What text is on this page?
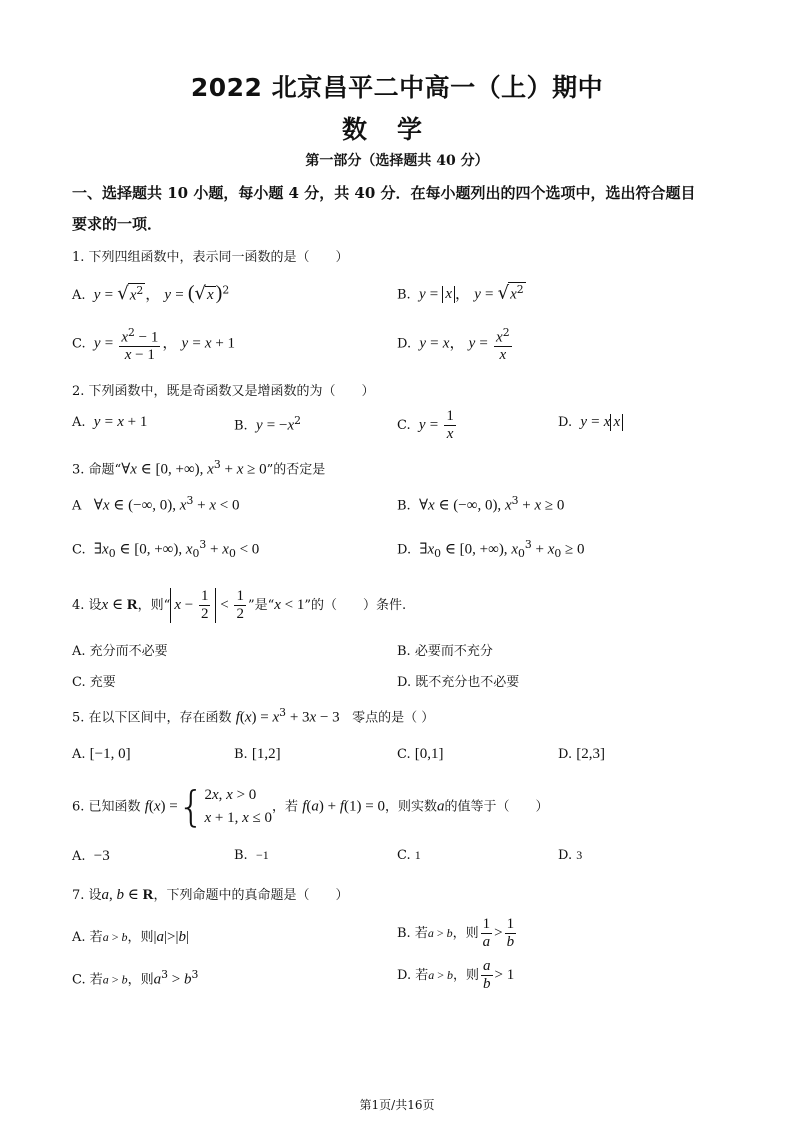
2022 北京昌平二中高一（上）期中
数学
第一部分（选择题共 40 分）
一、选择题共 10 小题，每小题 4 分，共 40 分．在每小题列出的四个选项中，选出符合题目
要求的一项．
1. 下列四组函数中，表示同一函数的是（　　）
A. $y = √x^2$ ， y = (√x )$^2$	B. y = x ， $y = √x^2$
C. $y = \frac{x^2 - 1}{x - 1}$ ， y = x + 1	D. y = x， $y = \frac{x^2}{x}$
2. 下列函数中，既是奇函数又是增函数的为（　　）
A. y = x + 1	B. $y = -x^2$	C. $y = \frac{1}{x}$	D. y = x x
3. 命题“∀x ∈ [0, +∞), $x^3 + x \ge 0$”的否定是
A ∀x ∈ (−∞, 0), $x^3 + x < 0$	B. ∀x ∈ (−∞, 0), $x^3 + x \ge 0$
C. $\exists x_0$ ∈ [0, +∞), $x_0^3 + x_0 < 0$	D. $\exists x_0$ ∈ [0, +∞), $x_0^3 + x_0 \ge 0$
4. 设x ∈ R，则“ $x - \frac{1}{2} < \frac{1}{2}$ ”是“x < 1”的（　　）条件.
A. 充分而不必要	B. 必要而不充分
C. 充要	D. 既不充分也不必要
5. 在以下区间中，存在函数 $f(x) = x^3 + 3x - 3$ 零点的是（ ）
A. [−1, 0]	B. [1,2]	C. [0,1]	D. [2,3]
6. 已知函数 f(x) ={ 2x, x > 0
x + 1, x ≤ 0
，若 f(a) + f(1) = 0，则实数a的值等于（　　）
A. −3	B. −1	C. 1	D. 3
7. 设a, b ∈ R，下列命题中的真命题是（　　）
A. 若a > b，则|a|>|b|	B. 若a > b，则 $\frac{1}{a} > \frac{1}{b}$
C. 若a > b，则$a^3 > b^3$	D. 若a > b，则 $\frac{a}{b} > 1$
第1页/共16页
